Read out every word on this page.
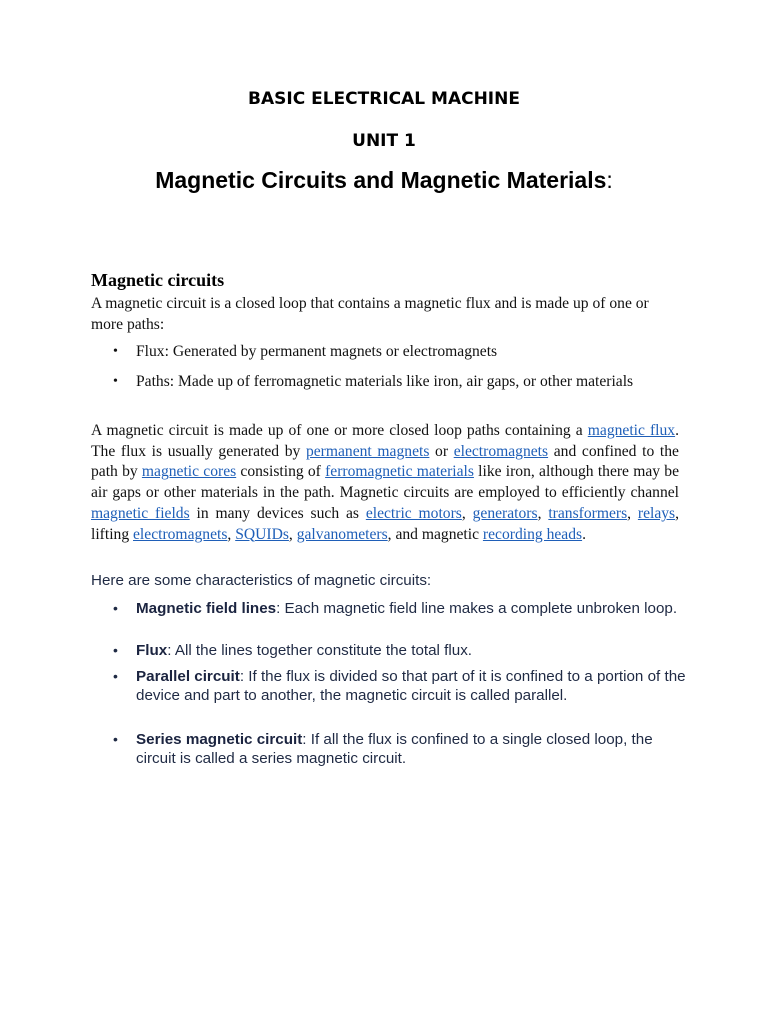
BASIC ELECTRICAL MACHINE
UNIT 1
Magnetic Circuits and Magnetic Materials:
Magnetic circuits
A magnetic circuit is a closed loop that contains a magnetic flux and is made up of one or more paths:
• Flux: Generated by permanent magnets or electromagnets
• Paths: Made up of ferromagnetic materials like iron, air gaps, or other materials
A magnetic circuit is made up of one or more closed loop paths containing a magnetic flux. The flux is usually generated by permanent magnets or electromagnets and confined to the path by magnetic cores consisting of ferromagnetic materials like iron, although there may be air gaps or other materials in the path. Magnetic circuits are employed to efficiently channel magnetic fields in many devices such as electric motors, generators, transformers, relays, lifting electromagnets, SQUIDs, galvanometers, and magnetic recording heads.
Here are some characteristics of magnetic circuits:
• Magnetic field lines: Each magnetic field line makes a complete unbroken loop.
• Flux: All the lines together constitute the total flux.
• Parallel circuit: If the flux is divided so that part of it is confined to a portion of the device and part to another, the magnetic circuit is called parallel.
• Series magnetic circuit: If all the flux is confined to a single closed loop, the circuit is called a series magnetic circuit.
